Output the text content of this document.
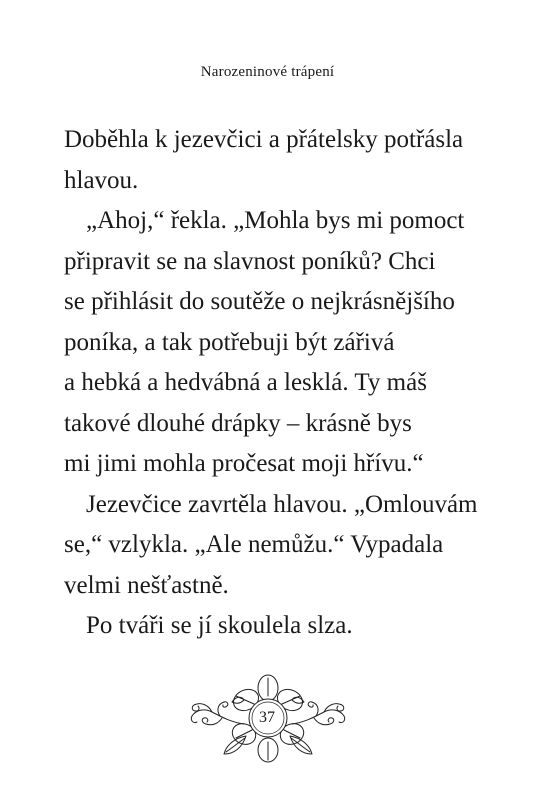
Narozeninové trápení

Doběhla k jezevčici a přátelsky potřásla
hlavou.

„Ahoj,“ řekla. „Mohla bys mi pomoct
připravit se na slavnost poníků? Chci
se přihlásit do soutěže o nejkrásnějšího
poníka, a tak potřebuji být zářivá
a hebká a hedvábná a lesklá. Ty máš
takové dlouhé drápky – krásně bys
mi jimi mohla pročesat moji hřívu.“

Jezevčice zavrtěla hlavou. „Omlouvám
se,“ vzlykla. „Ale nemůžu.“ Vypadala
velmi nešťastně.

Po tváři se jí skoulela slza.

37
